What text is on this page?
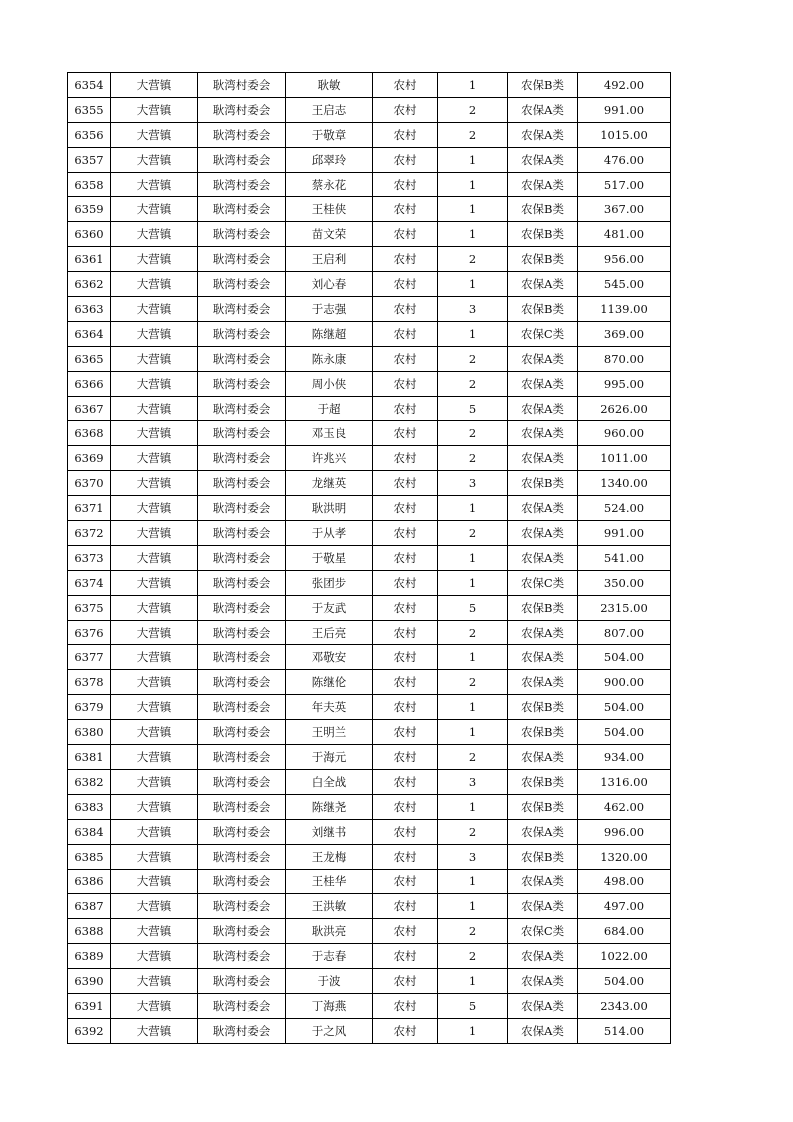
6354	大营镇	耿湾村委会	耿敏	农村	1	农保B类	492.00
6355	大营镇	耿湾村委会	王启志	农村	2	农保A类	991.00
6356	大营镇	耿湾村委会	于敬章	农村	2	农保A类	1015.00
6357	大营镇	耿湾村委会	邱翠玲	农村	1	农保A类	476.00
6358	大营镇	耿湾村委会	蔡永花	农村	1	农保A类	517.00
6359	大营镇	耿湾村委会	王桂侠	农村	1	农保B类	367.00
6360	大营镇	耿湾村委会	苗文荣	农村	1	农保B类	481.00
6361	大营镇	耿湾村委会	王启利	农村	2	农保B类	956.00
6362	大营镇	耿湾村委会	刘心春	农村	1	农保A类	545.00
6363	大营镇	耿湾村委会	于志强	农村	3	农保B类	1139.00
6364	大营镇	耿湾村委会	陈继超	农村	1	农保C类	369.00
6365	大营镇	耿湾村委会	陈永康	农村	2	农保A类	870.00
6366	大营镇	耿湾村委会	周小侠	农村	2	农保A类	995.00
6367	大营镇	耿湾村委会	于超	农村	5	农保A类	2626.00
6368	大营镇	耿湾村委会	邓玉良	农村	2	农保A类	960.00
6369	大营镇	耿湾村委会	许兆兴	农村	2	农保A类	1011.00
6370	大营镇	耿湾村委会	龙继英	农村	3	农保B类	1340.00
6371	大营镇	耿湾村委会	耿洪明	农村	1	农保A类	524.00
6372	大营镇	耿湾村委会	于从孝	农村	2	农保A类	991.00
6373	大营镇	耿湾村委会	于敬星	农村	1	农保A类	541.00
6374	大营镇	耿湾村委会	张团步	农村	1	农保C类	350.00
6375	大营镇	耿湾村委会	于友武	农村	5	农保B类	2315.00
6376	大营镇	耿湾村委会	王后亮	农村	2	农保A类	807.00
6377	大营镇	耿湾村委会	邓敬安	农村	1	农保A类	504.00
6378	大营镇	耿湾村委会	陈继伦	农村	2	农保A类	900.00
6379	大营镇	耿湾村委会	年夫英	农村	1	农保B类	504.00
6380	大营镇	耿湾村委会	王明兰	农村	1	农保B类	504.00
6381	大营镇	耿湾村委会	于海元	农村	2	农保A类	934.00
6382	大营镇	耿湾村委会	白全战	农村	3	农保B类	1316.00
6383	大营镇	耿湾村委会	陈继尧	农村	1	农保B类	462.00
6384	大营镇	耿湾村委会	刘继书	农村	2	农保A类	996.00
6385	大营镇	耿湾村委会	王龙梅	农村	3	农保B类	1320.00
6386	大营镇	耿湾村委会	王桂华	农村	1	农保A类	498.00
6387	大营镇	耿湾村委会	王洪敏	农村	1	农保A类	497.00
6388	大营镇	耿湾村委会	耿洪亮	农村	2	农保C类	684.00
6389	大营镇	耿湾村委会	于志春	农村	2	农保A类	1022.00
6390	大营镇	耿湾村委会	于波	农村	1	农保A类	504.00
6391	大营镇	耿湾村委会	丁海燕	农村	5	农保A类	2343.00
6392	大营镇	耿湾村委会	于之风	农村	1	农保A类	514.00
